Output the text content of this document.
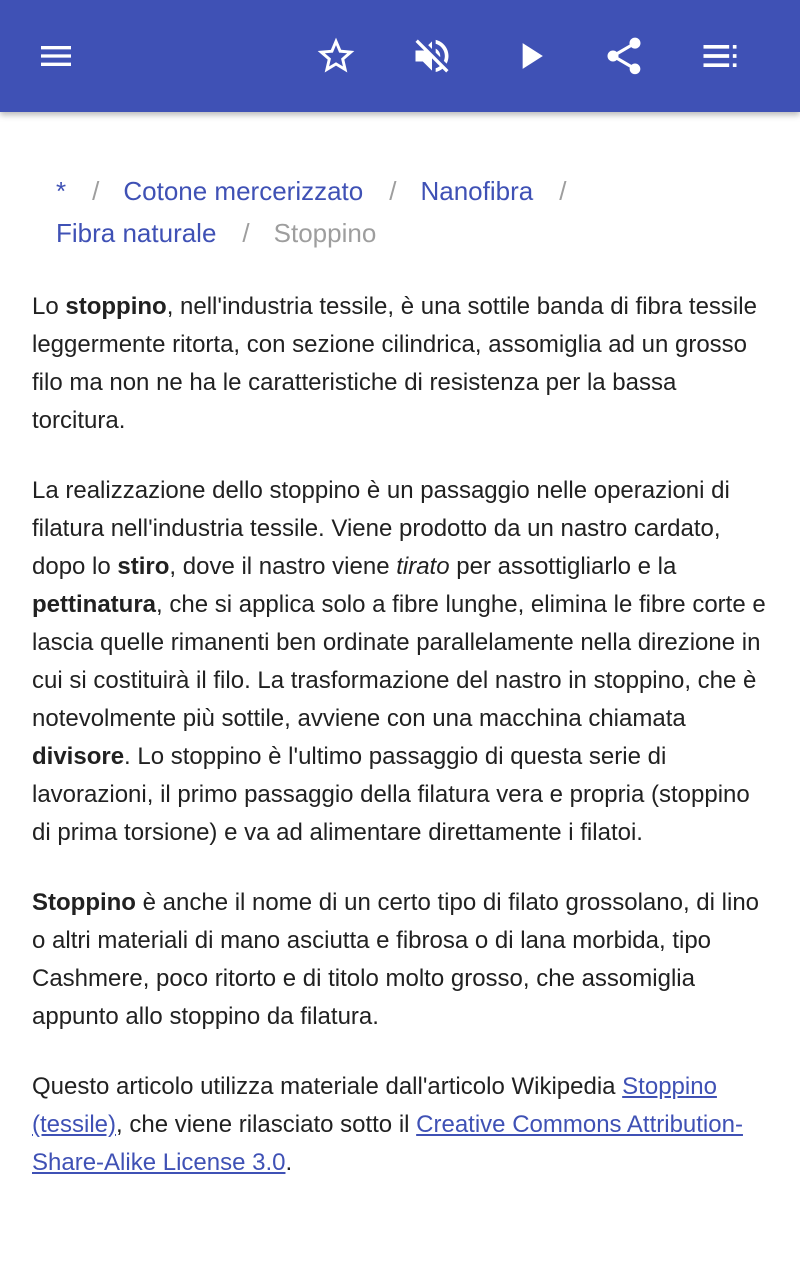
* / Cotone mercerizzato / Nanofibra /
Fibra naturale / Stoppino

Lo stoppino, nell'industria tessile, è una sottile banda di fibra tessile leggermente ritorta, con sezione cilindrica, assomiglia ad un grosso filo ma non ne ha le caratteristiche di resistenza per la bassa torcitura.

La realizzazione dello stoppino è un passaggio nelle operazioni di filatura nell'industria tessile. Viene prodotto da un nastro cardato, dopo lo stiro, dove il nastro viene tirato per assottigliarlo e la pettinatura, che si applica solo a fibre lunghe, elimina le fibre corte e lascia quelle rimanenti ben ordinate parallelamente nella direzione in cui si costituirà il filo. La trasformazione del nastro in stoppino, che è notevolmente più sottile, avviene con una macchina chiamata divisore. Lo stoppino è l'ultimo passaggio di questa serie di lavorazioni, il primo passaggio della filatura vera e propria (stoppino di prima torsione) e va ad alimentare direttamente i filatoi.

Stoppino è anche il nome di un certo tipo di filato grossolano, di lino o altri materiali di mano asciutta e fibrosa o di lana morbida, tipo Cashmere, poco ritorto e di titolo molto grosso, che assomiglia appunto allo stoppino da filatura.

Questo articolo utilizza materiale dall'articolo Wikipedia Stoppino (tessile), che viene rilasciato sotto il Creative Commons Attribution-Share-Alike License 3.0.
